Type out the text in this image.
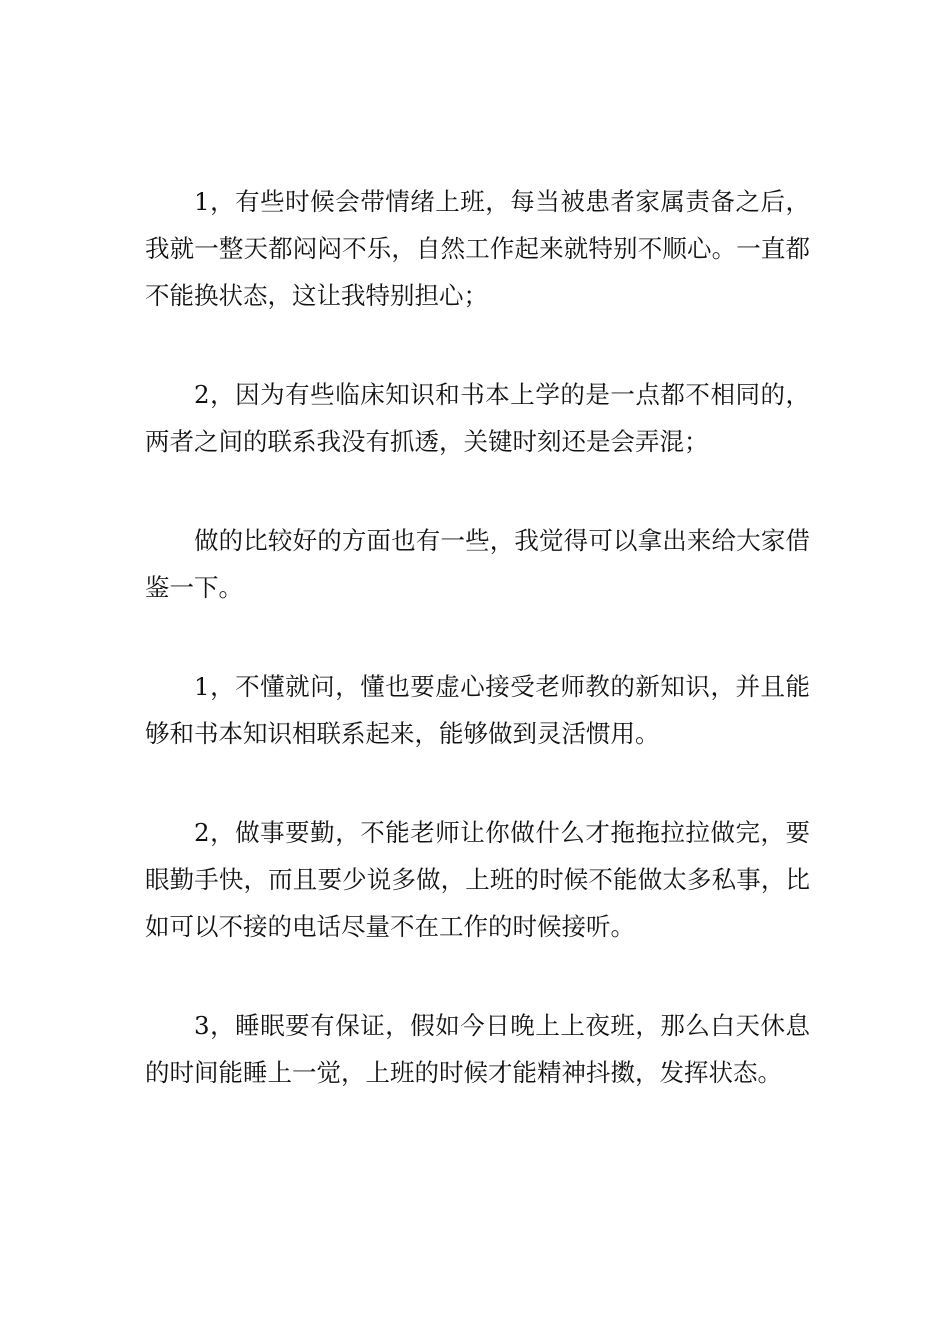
1，有些时候会带情绪上班，每当被患者家属责备之后，我就一整天都闷闷不乐，自然工作起来就特别不顺心。一直都不能换状态，这让我特别担心；

2，因为有些临床知识和书本上学的是一点都不相同的，两者之间的联系我没有抓透，关键时刻还是会弄混；

做的比较好的方面也有一些，我觉得可以拿出来给大家借鉴一下。

1，不懂就问，懂也要虚心接受老师教的新知识，并且能够和书本知识相联系起来，能够做到灵活惯用。

2，做事要勤，不能老师让你做什么才拖拖拉拉做完，要眼勤手快，而且要少说多做，上班的时候不能做太多私事，比如可以不接的电话尽量不在工作的时候接听。

3，睡眠要有保证，假如今日晚上上夜班，那么白天休息的时间能睡上一觉，上班的时候才能精神抖擞，发挥状态。
